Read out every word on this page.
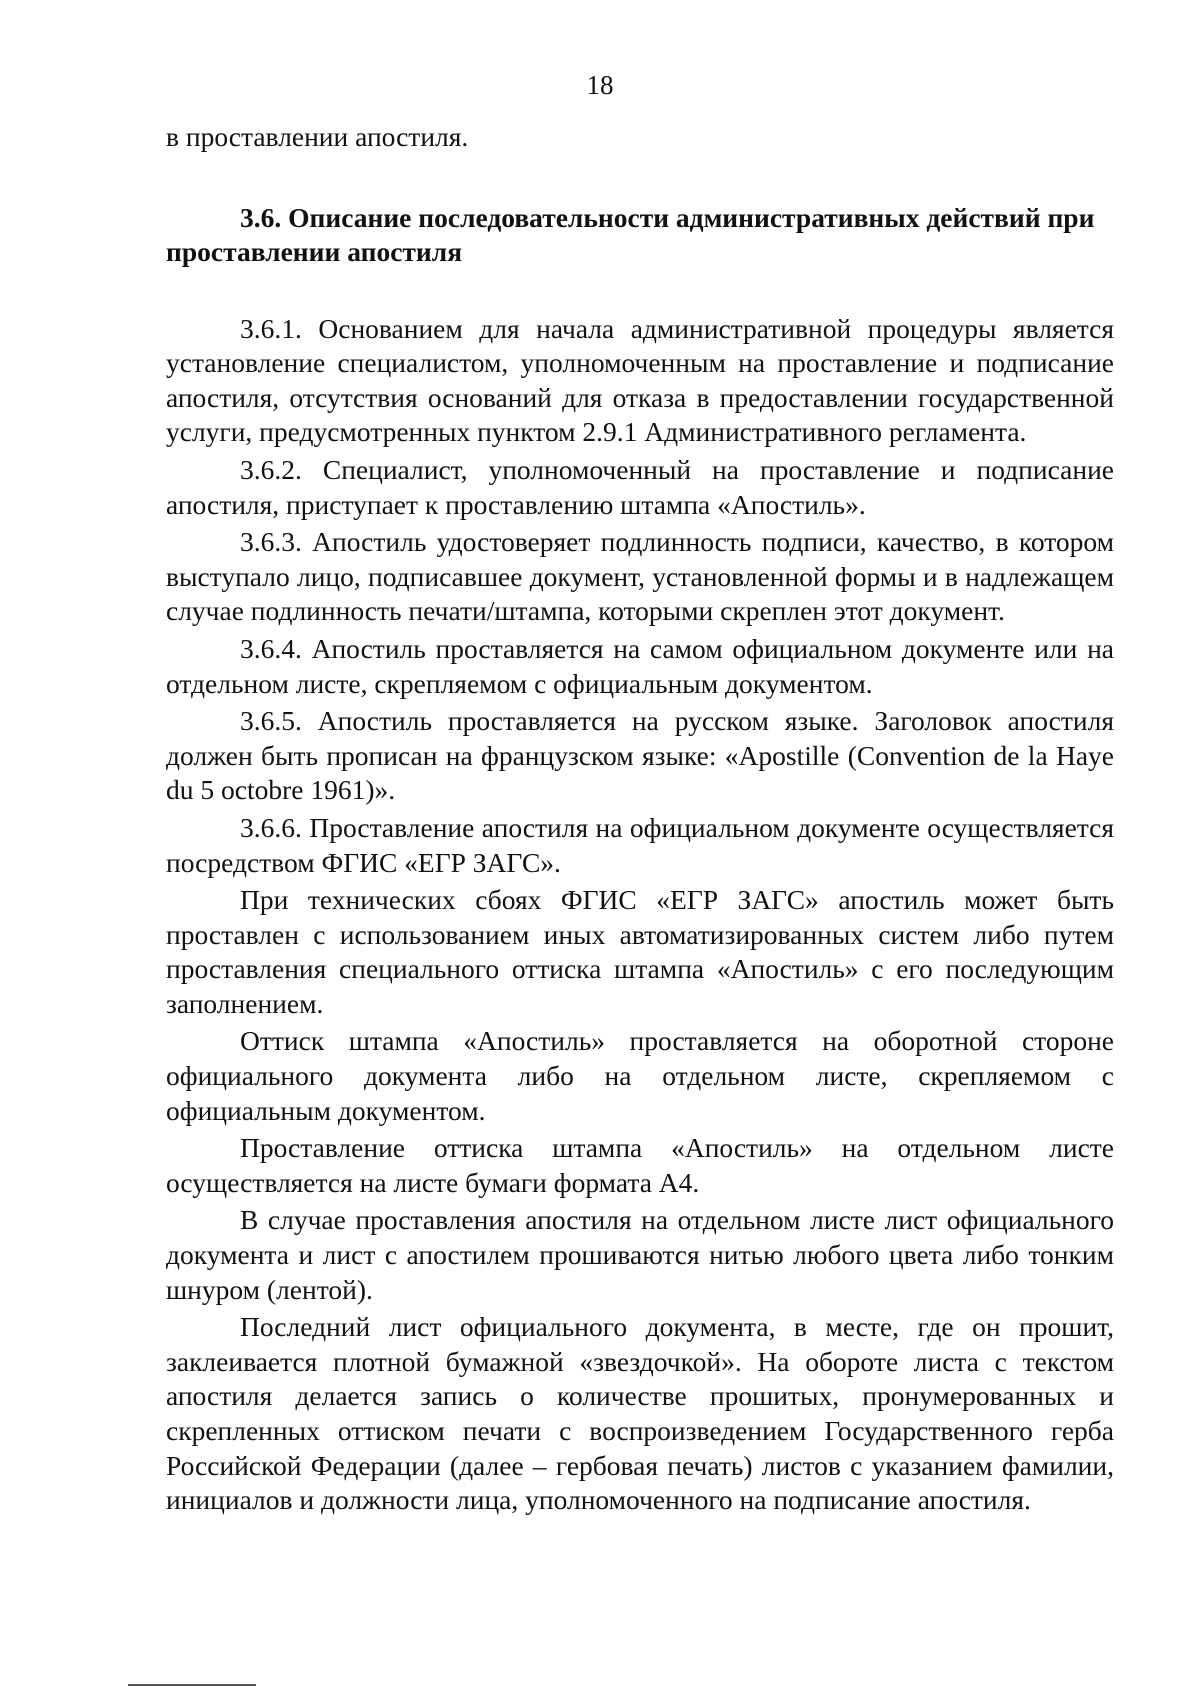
18

в проставлении апостиля.

3.6. Описание последовательности административных действий при проставлении апостиля

3.6.1. Основанием для начала административной процедуры является установление специалистом, уполномоченным на проставление и подписание апостиля, отсутствия оснований для отказа в предоставлении государственной услуги, предусмотренных пунктом 2.9.1 Административного регламента.

3.6.2. Специалист, уполномоченный на проставление и подписание апостиля, приступает к проставлению штампа «Апостиль».

3.6.3. Апостиль удостоверяет подлинность подписи, качество, в котором выступало лицо, подписавшее документ, установленной формы и в надлежащем случае подлинность печати/штампа, которыми скреплен этот документ.

3.6.4. Апостиль проставляется на самом официальном документе или на отдельном листе, скрепляемом с официальным документом.

3.6.5. Апостиль проставляется на русском языке. Заголовок апостиля должен быть прописан на французском языке: «Apostille (Convention de la Haye du 5 octobre 1961)».

3.6.6. Проставление апостиля на официальном документе осуществляется посредством ФГИС «ЕГР ЗАГС».

При технических сбоях ФГИС «ЕГР ЗАГС» апостиль может быть проставлен с использованием иных автоматизированных систем либо путем проставления специального оттиска штампа «Апостиль» с его последующим заполнением.

Оттиск штампа «Апостиль» проставляется на оборотной стороне официального документа либо на отдельном листе, скрепляемом с официальным документом.

Проставление оттиска штампа «Апостиль» на отдельном листе осуществляется на листе бумаги формата А4.

В случае проставления апостиля на отдельном листе лист официального документа и лист с апостилем прошиваются нитью любого цвета либо тонким шнуром (лентой).

Последний лист официального документа, в месте, где он прошит, заклеивается плотной бумажной «звездочкой». На обороте листа с текстом апостиля делается запись о количестве прошитых, пронумерованных и скрепленных оттиском печати с воспроизведением Государственного герба Российской Федерации (далее – гербовая печать) листов с указанием фамилии, инициалов и должности лица, уполномоченного на подписание апостиля.
